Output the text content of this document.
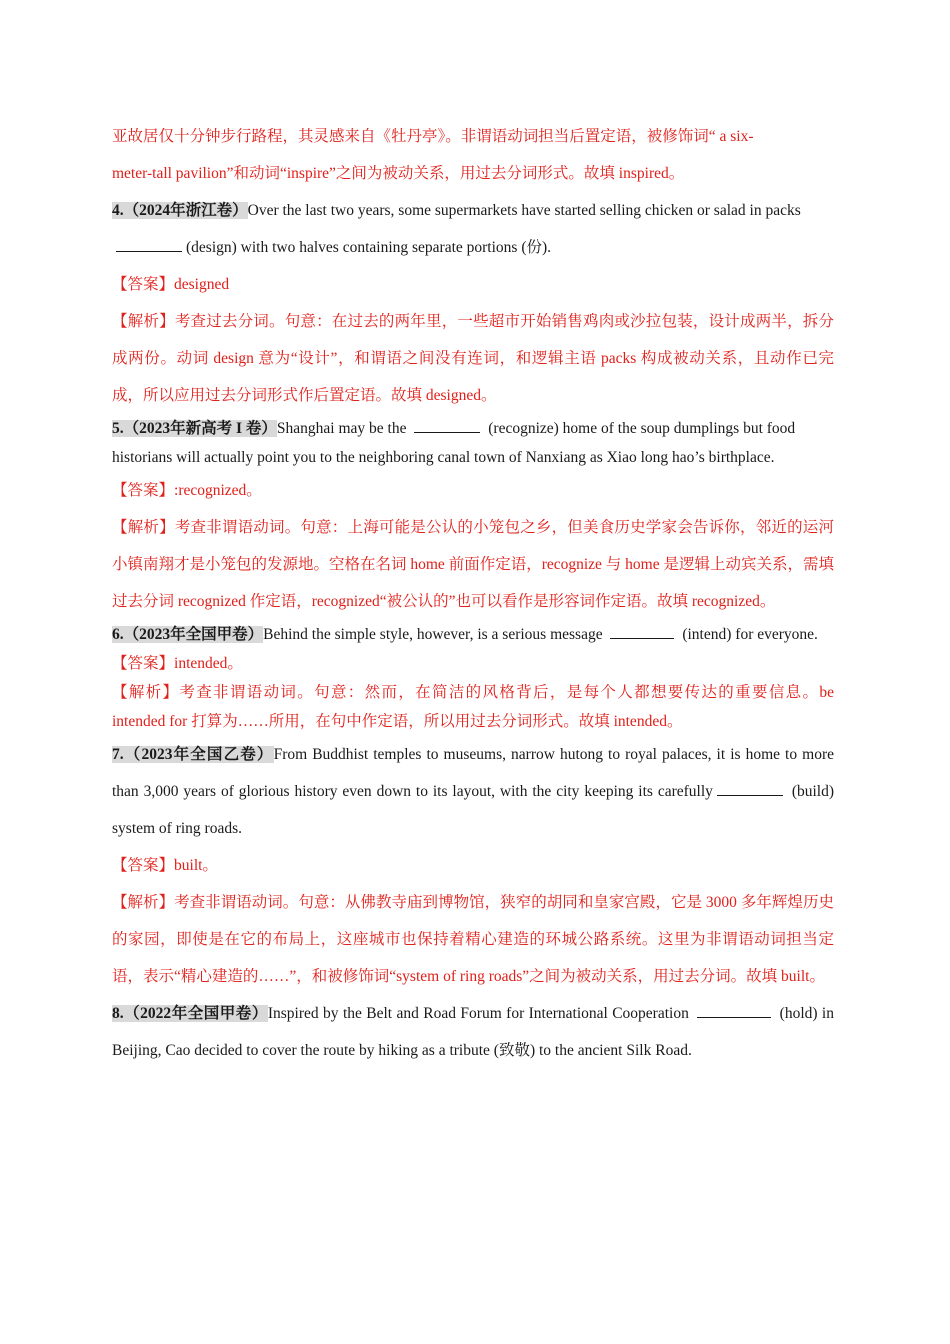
亚故居仅十分钟步行路程，其灵感来自《牡丹亭》。非谓语动词担当后置定语，被修饰词“ a six-
meter-tall pavilion”和动词“inspire”之间为被动关系，用过去分词形式。故填 inspired。

4.（2024年浙江卷）Over the last two years, some supermarkets have started selling chicken or salad in packs (design) with two halves containing separate portions (份).

【答案】designed

【解析】考查过去分词。句意：在过去的两年里，一些超市开始销售鸡肉或沙拉包装，设计成两半，拆分成两份。动词 design 意为“设计”，和谓语之间没有连词，和逻辑主语 packs 构成被动关系，且动作已完成，所以应用过去分词形式作后置定语。故填 designed。

5.（2023年新高考 I 卷）Shanghai may be the	(recognize) home of the soup dumplings but food historians will actually point you to the neighboring canal town of Nanxiang as Xiao long hao’s birthplace.

【答案】:recognized。

【解析】考查非谓语动词。句意：上海可能是公认的小笼包之乡，但美食历史学家会告诉你，邻近的运河小镇南翔才是小笼包的发源地。空格在名词 home 前面作定语，recognize 与 home 是逻辑上动宾关系，需填过去分词 recognized 作定语，recognized“被公认的”也可以看作是形容词作定语。故填 recognized。

6.（2023年全国甲卷）Behind the simple style, however, is a serious message	(intend) for everyone.

【答案】intended。

【解析】考查非谓语动词。句意：然而，在简洁的风格背后，是每个人都想要传达的重要信息。be intended for 打算为……所用，在句中作定语，所以用过去分词形式。故填 intended。

7.（2023年全国乙卷）From Buddhist temples to museums, narrow hutong to royal palaces, it is home to more than 3,000 years of glorious history even down to its layout, with the city keeping its carefully	(build) system of ring roads.

【答案】built。

【解析】考查非谓语动词。句意：从佛教寺庙到博物馆，狭窄的胡同和皇家宫殿，它是 3000 多年辉煌历史的家园，即使是在它的布局上，这座城市也保持着精心建造的环城公路系统。这里为非谓语动词担当定语，表示“精心建造的……”，和被修饰词“system of ring roads”之间为被动关系，用过去分词。故填 built。

8.（2022年全国甲卷）Inspired by the Belt and Road Forum for International Cooperation	(hold) in Beijing, Cao decided to cover the route by hiking as a tribute (致敬) to the ancient Silk Road.
